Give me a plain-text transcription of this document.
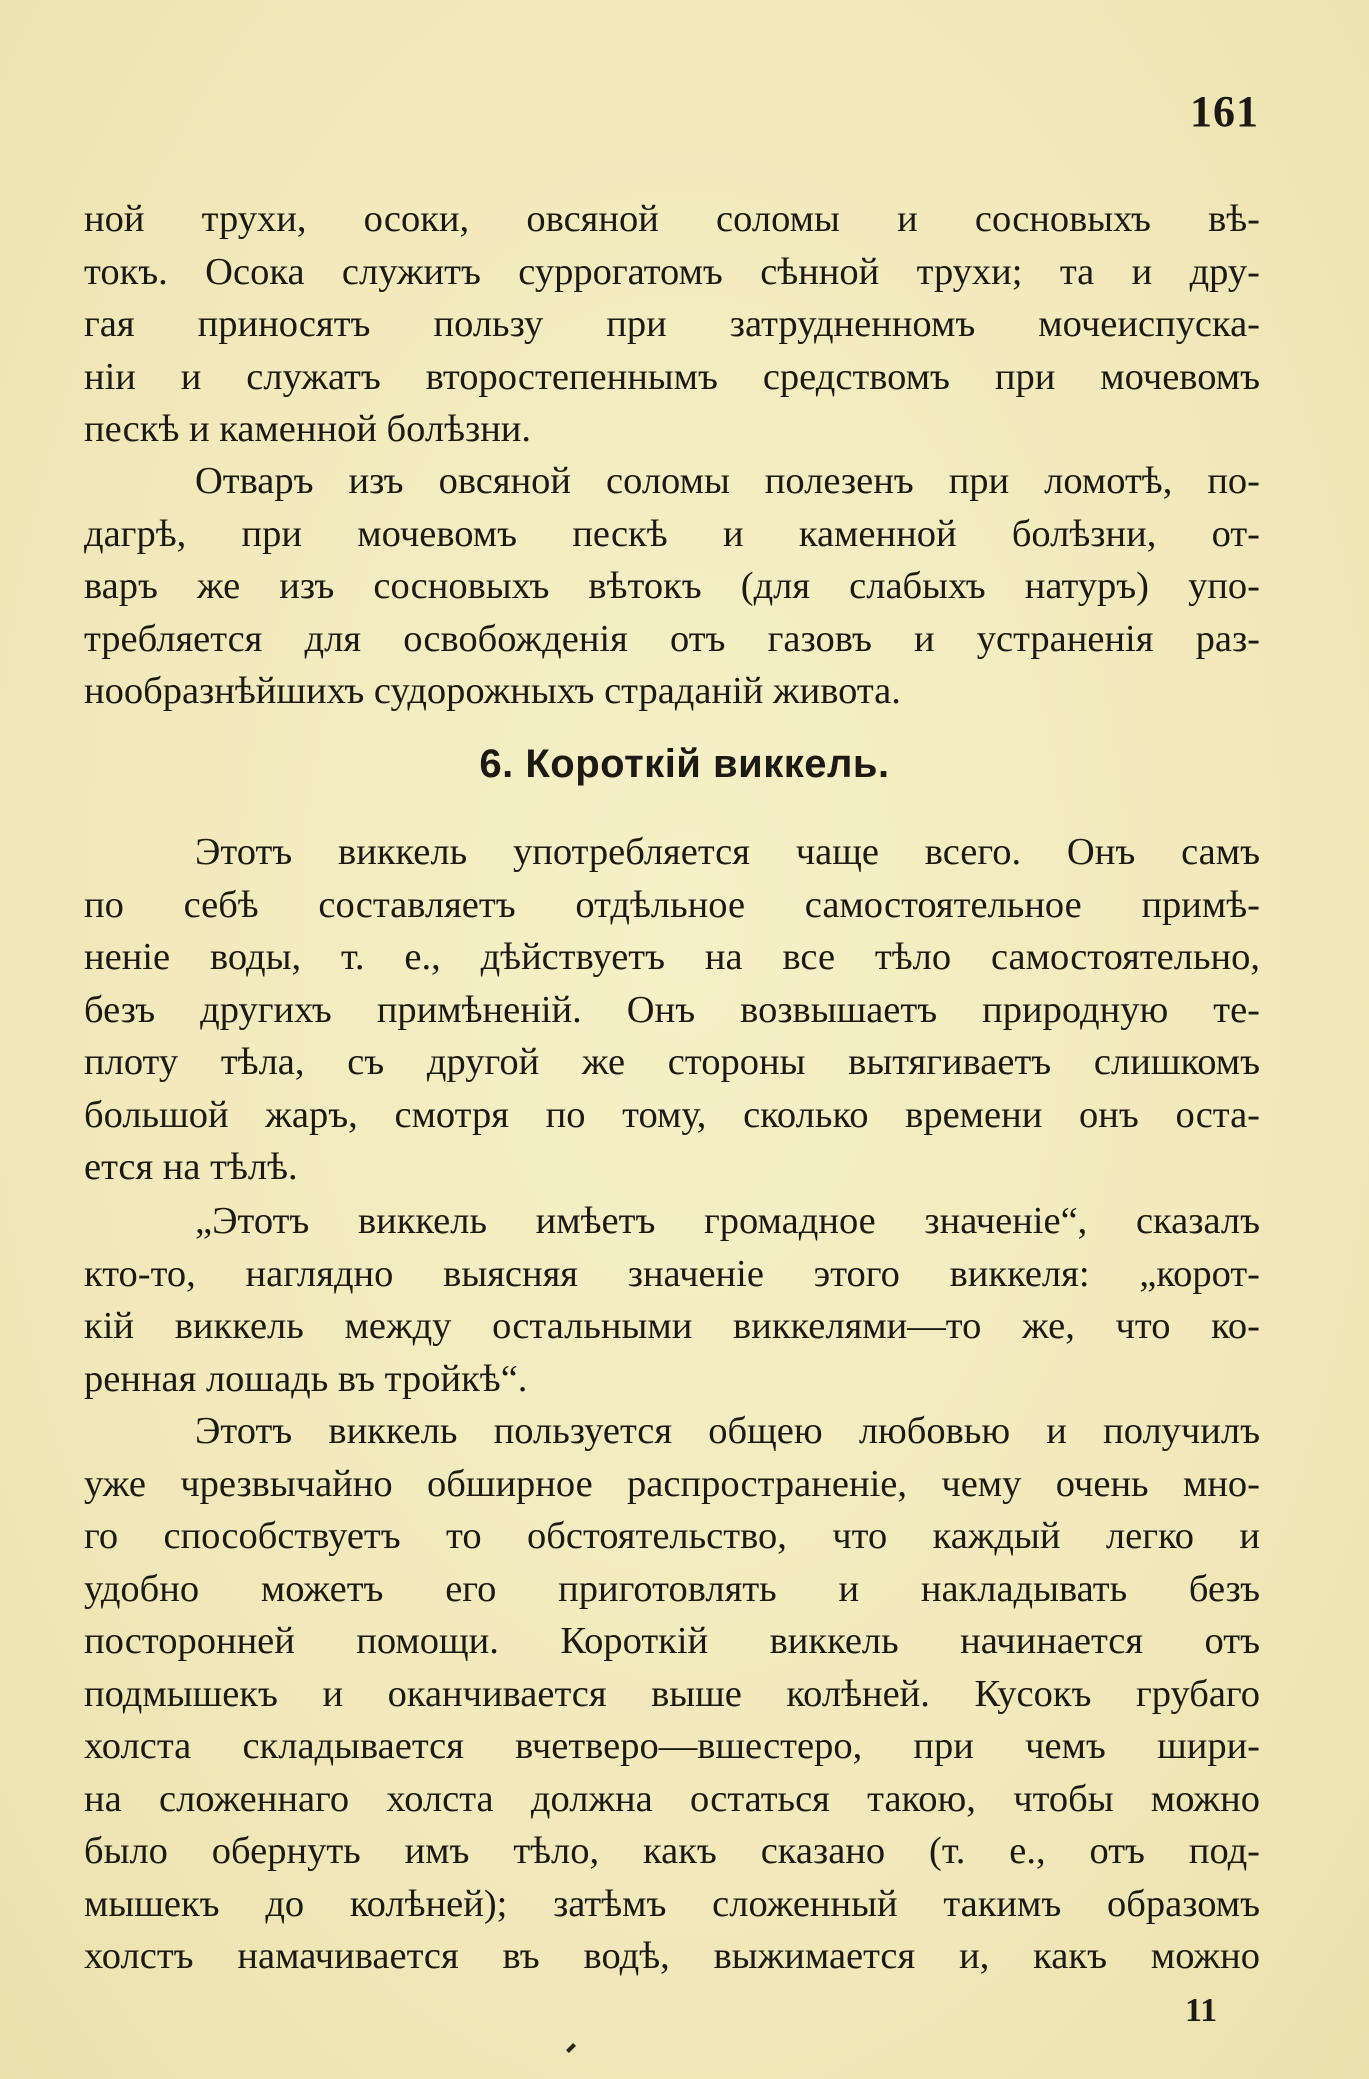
161
ной трухи, осоки, овсяной соломы и сосновыхъ вѣ-
токъ. Осока служитъ суррогатомъ сѣнной трухи; та и дру-
гая приносятъ пользу при затрудненномъ мочеиспуска-
ніи и служатъ второстепеннымъ средствомъ при мочевомъ
пескѣ и каменной болѣзни.
Отваръ изъ овсяной соломы полезенъ при ломотѣ, по-
дагрѣ, при мочевомъ пескѣ и каменной болѣзни, от-
варъ же изъ сосновыхъ вѣтокъ (для слабыхъ натуръ) упо-
требляется для освобожденія отъ газовъ и устраненія раз-
нообразнѣйшихъ судорожныхъ страданій живота.
6. Короткій виккель.
Этотъ виккель употребляется чаще всего. Онъ самъ
по себѣ составляетъ отдѣльное самостоятельное примѣ-
неніе воды, т. е., дѣйствуетъ на все тѣло самостоятельно,
безъ другихъ примѣненій. Онъ возвышаетъ природную те-
плоту тѣла, съ другой же стороны вытягиваетъ слишкомъ
большой жаръ, смотря по тому, сколько времени онъ оста-
ется на тѣлѣ.
„Этотъ виккель имѣетъ громадное значеніе“, сказалъ
кто-то, наглядно выясняя значеніе этого виккеля: „корот-
кій виккель между остальными виккелями—то же, что ко-
ренная лошадь въ тройкѣ“.
Этотъ виккель пользуется общею любовью и получилъ
уже чрезвычайно обширное распространеніе, чему очень мно-
го способствуетъ то обстоятельство, что каждый легко и
удобно можетъ его приготовлять и накладывать безъ
посторонней помощи. Короткій виккель начинается отъ
подмышекъ и оканчивается выше колѣней. Кусокъ грубаго
холста складывается вчетверо—вшестеро, при чемъ шири-
на сложеннаго холста должна остаться такою, чтобы можно
было обернуть имъ тѣло, какъ сказано (т. е., отъ под-
мышекъ до колѣней); затѣмъ сложенный такимъ образомъ
холстъ намачивается въ водѣ, выжимается и, какъ можно
11
